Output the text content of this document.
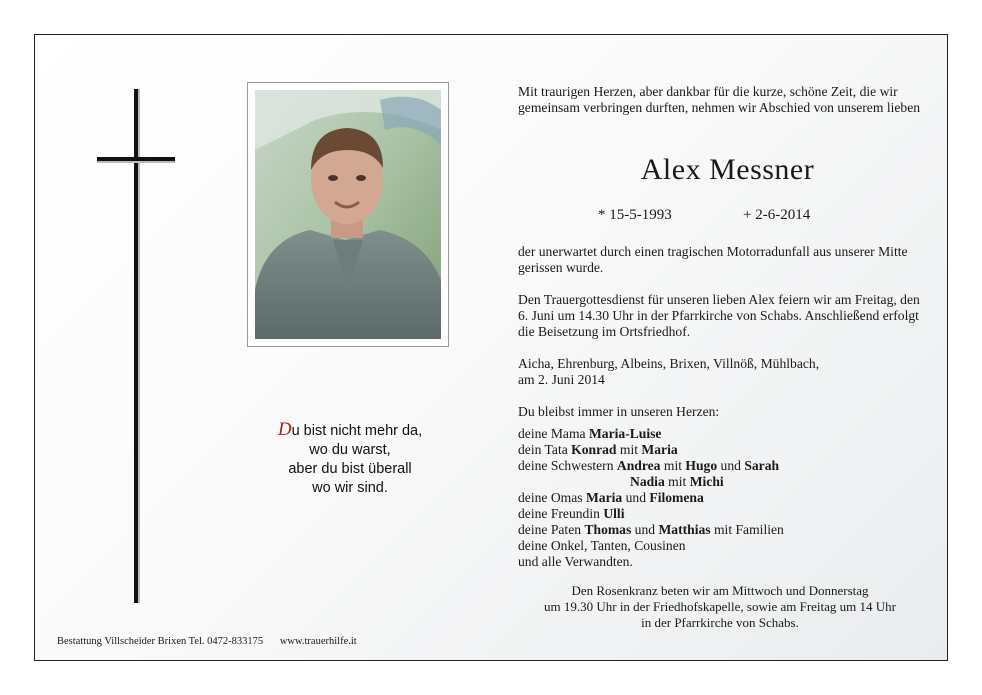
Du bist nicht mehr da,
wo du warst,
aber du bist überall
wo wir sind.
Mit traurigen Herzen, aber dankbar für die kurze, schöne Zeit, die wir gemeinsam verbringen durften, nehmen wir Abschied von unserem lieben
Alex Messner
* 15-5-1993	+ 2-6-2014
der unerwartet durch einen tragischen Motorradunfall aus unserer Mitte gerissen wurde.
Den Trauergottesdienst für unseren lieben Alex feiern wir am Freitag, den 6. Juni um 14.30 Uhr in der Pfarrkirche von Schabs. Anschließend erfolgt die Beisetzung im Ortsfriedhof.
Aicha, Ehrenburg, Albeins, Brixen, Villnöß, Mühlbach,
am 2. Juni 2014
Du bleibst immer in unseren Herzen:
deine Mama Maria-Luise
dein Tata Konrad mit Maria
deine Schwestern Andrea mit Hugo und Sarah
Nadia mit Michi
deine Omas Maria und Filomena
deine Freundin Ulli
deine Paten Thomas und Matthias mit Familien
deine Onkel, Tanten, Cousinen
und alle Verwandten.
Den Rosenkranz beten wir am Mittwoch und Donnerstag
um 19.30 Uhr in der Friedhofskapelle, sowie am Freitag um 14 Uhr
in der Pfarrkirche von Schabs.
Bestattung Villscheider Brixen Tel. 0472-833175 www.trauerhilfe.it
